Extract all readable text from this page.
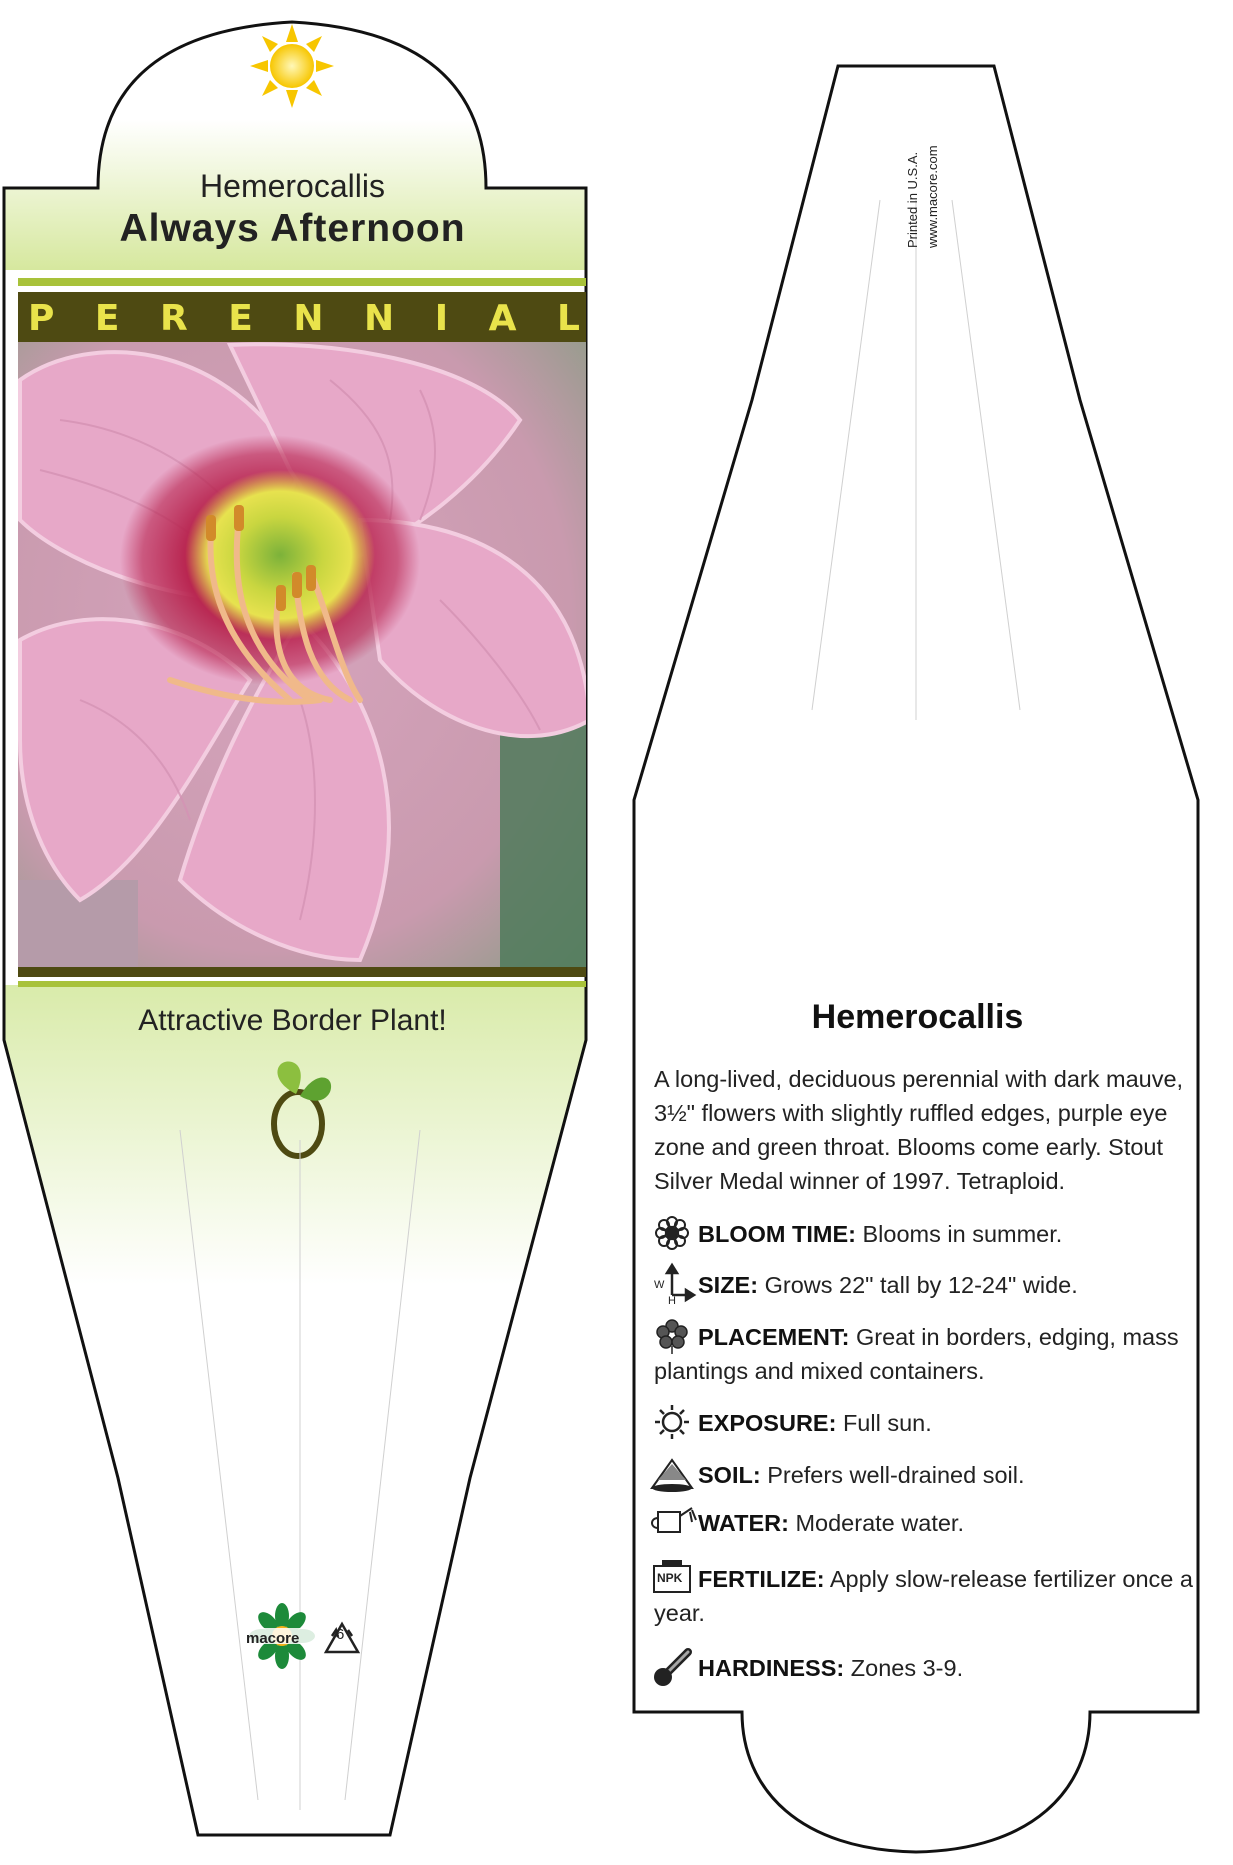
Hemerocallis
Always Afternoon
P E R E N N I A L
Attractive Border Plant!
macore 6
Printed in U.S.A. www.macore.com
Hemerocallis
A long-lived, deciduous perennial with dark mauve, 3½" flowers with slightly ruffled edges, purple eye zone and green throat. Blooms come early. Stout Silver Medal winner of 1997. Tetraploid.
BLOOM TIME: Blooms in summer.
SIZE: Grows 22" tall by 12-24" wide.
W
H
PLACEMENT: Great in borders, edging, mass plantings and mixed containers.
EXPOSURE: Full sun.
SOIL: Prefers well-drained soil.
WATER: Moderate water.
FERTILIZE: Apply slow-release fertilizer once a year.
NPK
HARDINESS: Zones 3-9.
